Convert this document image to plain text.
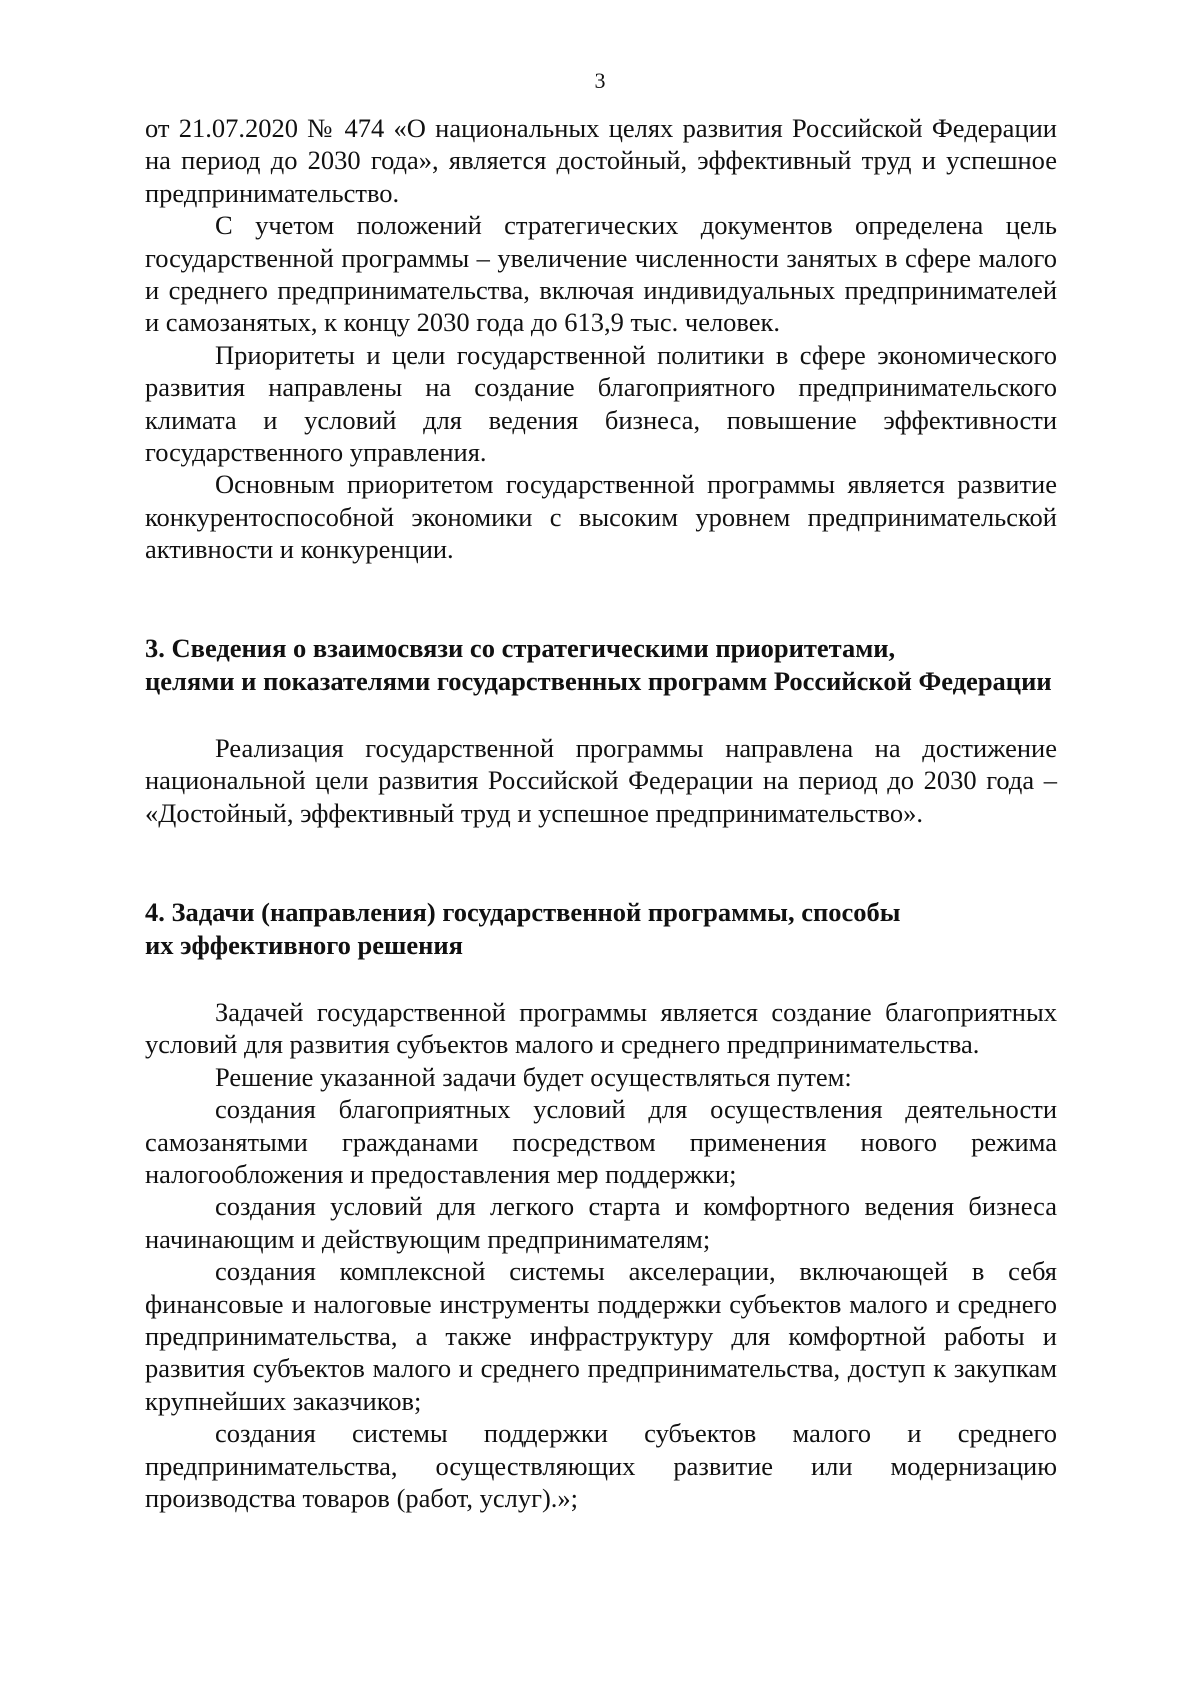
3

от 21.07.2020 № 474 «О национальных целях развития Российской Федерации на период до 2030 года», является достойный, эффективный труд и успешное предпринимательство.

С учетом положений стратегических документов определена цель государственной программы – увеличение численности занятых в сфере малого и среднего предпринимательства, включая индивидуальных предпринимателей и самозанятых, к концу 2030 года до 613,9 тыс. человек.

Приоритеты и цели государственной политики в сфере экономического развития направлены на создание благоприятного предпринимательского климата и условий для ведения бизнеса, повышение эффективности государственного управления.

Основным приоритетом государственной программы является развитие конкурентоспособной экономики с высоким уровнем предпринимательской активности и конкуренции.

3. Сведения о взаимосвязи со стратегическими приоритетами,

целями и показателями государственных программ Российской Федерации

Реализация государственной программы направлена на достижение национальной цели развития Российской Федерации на период до 2030 года – «Достойный, эффективный труд и успешное предпринимательство».

4. Задачи (направления) государственной программы, способы

их эффективного решения

Задачей государственной программы является создание благоприятных условий для развития субъектов малого и среднего предпринимательства.

Решение указанной задачи будет осуществляться путем:

создания благоприятных условий для осуществления деятельности самозанятыми гражданами посредством применения нового режима налогообложения и предоставления мер поддержки;

создания условий для легкого старта и комфортного ведения бизнеса начинающим и действующим предпринимателям;

создания комплексной системы акселерации, включающей в себя финансовые и налоговые инструменты поддержки субъектов малого и среднего предпринимательства, а также инфраструктуру для комфортной работы и развития субъектов малого и среднего предпринимательства, доступ к закупкам крупнейших заказчиков;

создания системы поддержки субъектов малого и среднего предпринимательства, осуществляющих развитие или модернизацию производства товаров (работ, услуг).»;
